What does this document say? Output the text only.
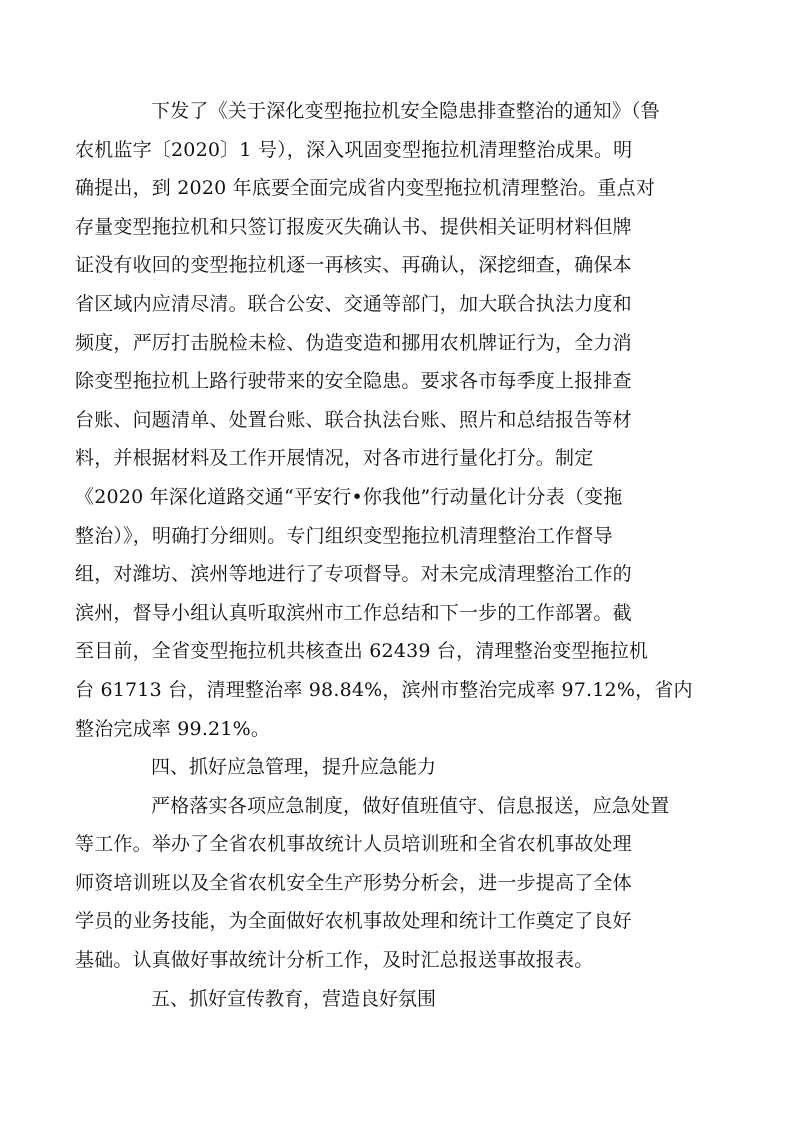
下发了《关于深化变型拖拉机安全隐患排查整治的通知》（鲁
农机监字〔2020〕1 号），深入巩固变型拖拉机清理整治成果。明
确提出，到 2020 年底要全面完成省内变型拖拉机清理整治。重点对
存量变型拖拉机和只签订报废灭失确认书、提供相关证明材料但牌
证没有收回的变型拖拉机逐一再核实、再确认，深挖细查，确保本
省区域内应清尽清。联合公安、交通等部门，加大联合执法力度和
频度，严厉打击脱检未检、伪造变造和挪用农机牌证行为，全力消
除变型拖拉机上路行驶带来的安全隐患。要求各市每季度上报排查
台账、问题清单、处置台账、联合执法台账、照片和总结报告等材
料，并根据材料及工作开展情况，对各市进行量化打分。制定
《2020 年深化道路交通“平安行•你我他”行动量化计分表（变拖
整治）》，明确打分细则。专门组织变型拖拉机清理整治工作督导
组，对潍坊、滨州等地进行了专项督导。对未完成清理整治工作的
滨州，督导小组认真听取滨州市工作总结和下一步的工作部署。截
至目前，全省变型拖拉机共核查出 62439 台，清理整治变型拖拉机
台 61713 台，清理整治率 98.84%，滨州市整治完成率 97.12%，省内
整治完成率 99.21%。

四、抓好应急管理，提升应急能力

严格落实各项应急制度，做好值班值守、信息报送，应急处置
等工作。举办了全省农机事故统计人员培训班和全省农机事故处理
师资培训班以及全省农机安全生产形势分析会，进一步提高了全体
学员的业务技能，为全面做好农机事故处理和统计工作奠定了良好
基础。认真做好事故统计分析工作，及时汇总报送事故报表。

五、抓好宣传教育，营造良好氛围
